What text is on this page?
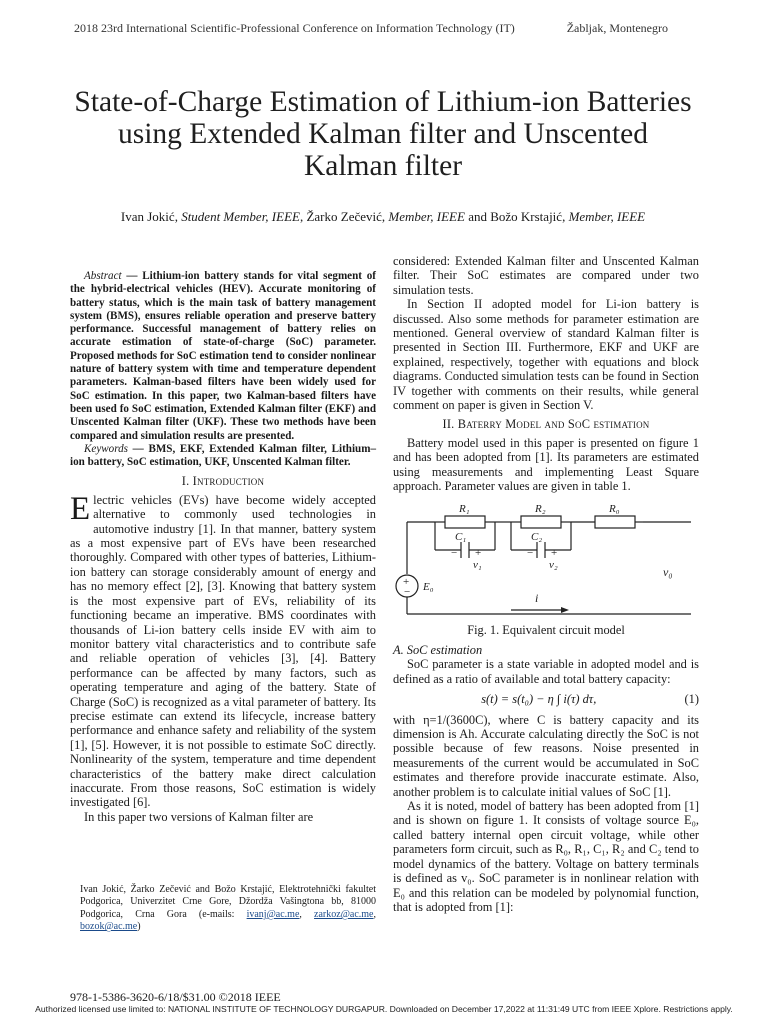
2018 23rd International Scientific-Professional Conference on Information Technology (IT)	Žabljak, Montenegro
State-of-Charge Estimation of Lithium-ion Batteries using Extended Kalman filter and Unscented Kalman filter
Ivan Jokić, Student Member, IEEE, Žarko Zečević, Member, IEEE and Božo Krstajić, Member, IEEE

Abstract — Lithium-ion battery stands for vital segment of the hybrid-electrical vehicles (HEV). Accurate monitoring of battery status, which is the main task of battery management system (BMS), ensures reliable operation and preserve battery performance. Successful management of battery relies on accurate estimation of state-of-charge (SoC) parameter. Proposed methods for SoC estimation tend to consider nonlinear nature of battery system with time and temperature dependent parameters. Kalman-based filters have been widely used for SoC estimation. In this paper, two Kalman-based filters have been used fo SoC estimation, Extended Kalman filter (EKF) and Unscented Kalman filter (UKF). These two methods have been compared and simulation results are presented.

Keywords — BMS, EKF, Extended Kalman filter, Lithium–ion battery, SoC estimation, UKF, Unscented Kalman filter.

I. Introduction

Electric vehicles (EVs) have become widely accepted alternative to commonly used technologies in automotive industry [1]. In that manner, battery system as a most expensive part of EVs have been researched thoroughly. Compared with other types of batteries, Lithium-ion battery can storage considerably amount of energy and has no memory effect [2], [3]. Knowing that battery system is the most expensive part of EVs, reliability of its functioning became an imperative. BMS coordinates with thousands of Li-ion battery cells inside EV with aim to monitor battery vital characteristics and to contribute safe and reliable operation of vehicles [3], [4]. Battery performance can be affected by many factors, such as operating temperature and aging of the battery. State of Charge (SoC) is recognized as a vital parameter of battery. Its precise estimate can extend its lifecycle, increase battery performance and enhance safety and reliability of the system [1], [5]. However, it is not possible to estimate SoC directly. Nonlinearity of the system, temperature and time dependent characteristics of the battery make direct calculation inaccurate. From those reasons, SoC estimation is widely investigated [6].

In this paper two versions of Kalman filter are

Ivan Jokić, Žarko Zečević and Božo Krstajić, Elektrotehnički fakultet Podgorica, Univerzitet Crne Gore, Džordža Vašingtona bb, 81000 Podgorica, Crna Gora (e-mails: ivanj@ac.me, zarkoz@ac.me, bozok@ac.me)

considered: Extended Kalman filter and Unscented Kalman filter. Their SoC estimates are compared under two simulation tests.

In Section II adopted model for Li-ion battery is discussed. Also some methods for parameter estimation are mentioned. General overview of standard Kalman filter is presented in Section III. Furthermore, EKF and UKF are explained, respectively, together with equations and block diagrams. Conducted simulation tests can be found in Section IV together with comments on their results, while general comment on paper is given in Section V.

II. Baterry Model and SoC estimation

Battery model used in this paper is presented on figure 1 and has been adopted from [1]. Its parameters are estimated using measurements and implementing Least Square approach. Parameter values are given in table 1.

R₁	R₂	R₀
C₁	C₂
v₁	v₂	v₀
E₀
i
+
−	+
−
+
−
Fig. 1. Equivalent circuit model

A. SoC estimation

SoC parameter is a state variable in adopted model and is defined as a ratio of available and total battery capacity:

s(t) = s(t₀) − η ∫ i(τ) dτ,	(1)

with η=1/(3600C), where C is battery capacity and its dimension is Ah. Accurate calculating directly the SoC is not possible because of few reasons. Noise presented in measurements of the current would be accumulated in SoC estimates and therefore provide inaccurate estimate. Also, another problem is to calculate initial values of SoC [1].

As it is noted, model of battery has been adopted from [1] and is shown on figure 1. It consists of voltage source E₀, called battery internal open circuit voltage, while other parameters form circuit, such as R₀, R₁, C₁, R₂ and C₂ tend to model dynamics of the battery. Voltage on battery terminals is defined as v₀. SoC parameter is in nonlinear relation with E₀ and this relation can be modeled by polynomial function, that is adopted from [1]:

978-1-5386-3620-6/18/$31.00 ©2018 IEEE
Authorized licensed use limited to: NATIONAL INSTITUTE OF TECHNOLOGY DURGAPUR. Downloaded on December 17,2022 at 11:31:49 UTC from IEEE Xplore. Restrictions apply.
